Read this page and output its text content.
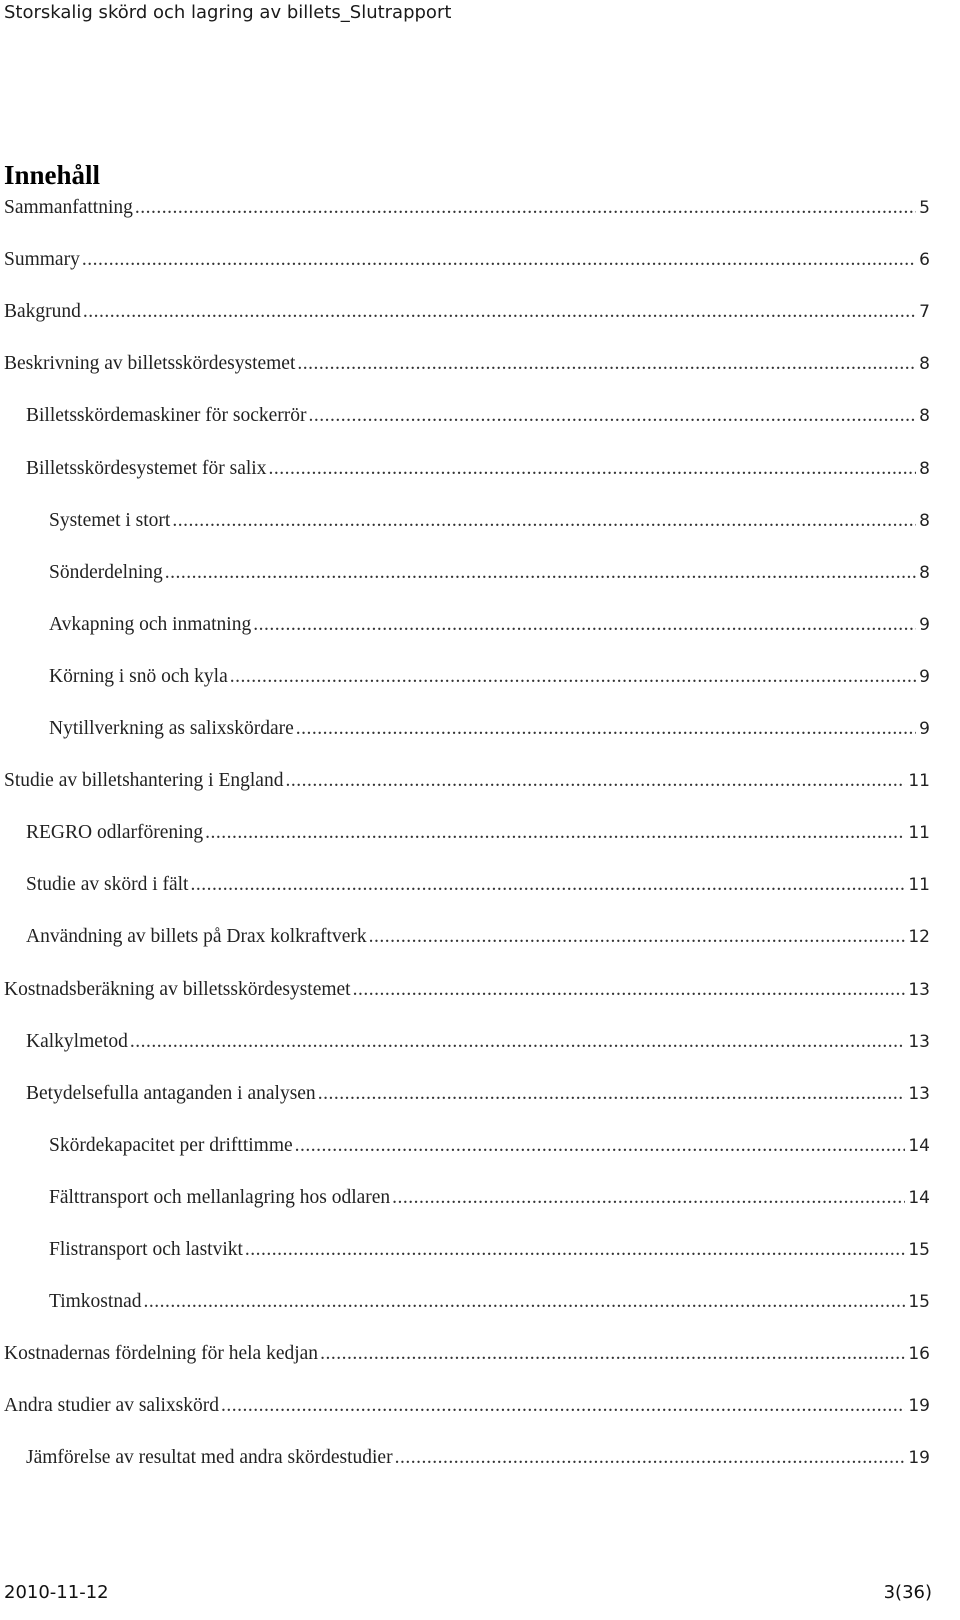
Storskalig skörd och lagring av billets_Slutrapport
Innehåll
Sammanfattning .....	5
Summary .....	6
Bakgrund .....	7
Beskrivning av billetsskördesystemet .....	8
Billetsskördemaskiner för sockerrör .....	8
Billetsskördesystemet för salix .....	8
Systemet i stort .....	8
Sönderdelning .....	8
Avkapning och inmatning .....	9
Körning i snö och kyla .....	9
Nytillverkning as salixskördare .....	9
Studie av billetshantering i England .....	11
REGRO odlarförening .....	11
Studie av skörd i fält .....	11
Användning av billets på Drax kolkraftverk .....	12
Kostnadsberäkning av billetsskördesystemet .....	13
Kalkylmetod .....	13
Betydelsefulla antaganden i analysen .....	13
Skördekapacitet per drifttimme .....	14
Fälttransport och mellanlagring hos odlaren .....	14
Flistransport och lastvikt .....	15
Timkostnad .....	15
Kostnadernas fördelning för hela kedjan .....	16
Andra studier av salixskörd .....	19
Jämförelse av resultat med andra skördestudier .....	19
2010-11-12	3(36)
